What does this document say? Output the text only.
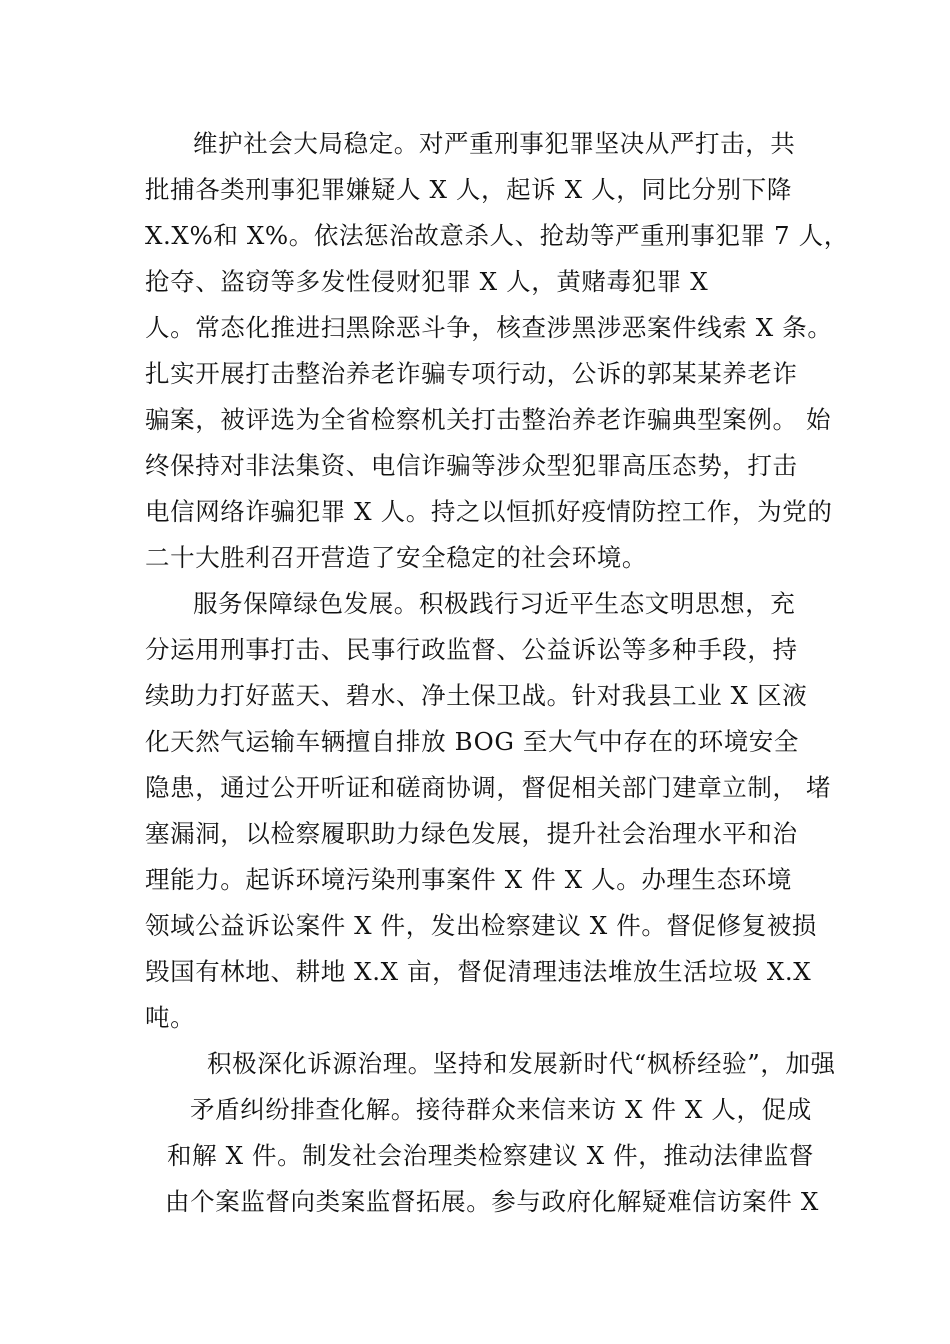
维护社会大局稳定。对严重刑事犯罪坚决从严打击，共
批捕各类刑事犯罪嫌疑人 X 人，起诉 X 人，同比分别下降
X.X%和 X%。依法惩治故意杀人、抢劫等严重刑事犯罪 7 人，
抢夺、盗窃等多发性侵财犯罪 X 人，黄赌毒犯罪 X
人。常态化推进扫黑除恶斗争，核查涉黑涉恶案件线索 X 条。
扎实开展打击整治养老诈骗专项行动，公诉的郭某某养老诈
骗案，被评选为全省检察机关打击整治养老诈骗典型案例。 始
终保持对非法集资、电信诈骗等涉众型犯罪高压态势，打击
电信网络诈骗犯罪 X 人。持之以恒抓好疫情防控工作，为党的
二十大胜利召开营造了安全稳定的社会环境。
服务保障绿色发展。积极践行习近平生态文明思想，充
分运用刑事打击、民事行政监督、公益诉讼等多种手段，持
续助力打好蓝天、碧水、净土保卫战。针对我县工业 X 区液
化天然气运输车辆擅自排放 BOG 至大气中存在的环境安全
隐患，通过公开听证和磋商协调，督促相关部门建章立制， 堵
塞漏洞，以检察履职助力绿色发展，提升社会治理水平和治
理能力。起诉环境污染刑事案件 X 件 X 人。办理生态环境
领域公益诉讼案件 X 件，发出检察建议 X 件。督促修复被损
毁国有林地、耕地 X.X 亩，督促清理违法堆放生活垃圾 X.X
吨。
积极深化诉源治理。坚持和发展新时代“枫桥经验”，加强
矛盾纠纷排查化解。接待群众来信来访 X 件 X 人，促成
和解 X 件。制发社会治理类检察建议 X 件，推动法律监督
由个案监督向类案监督拓展。参与政府化解疑难信访案件 X
